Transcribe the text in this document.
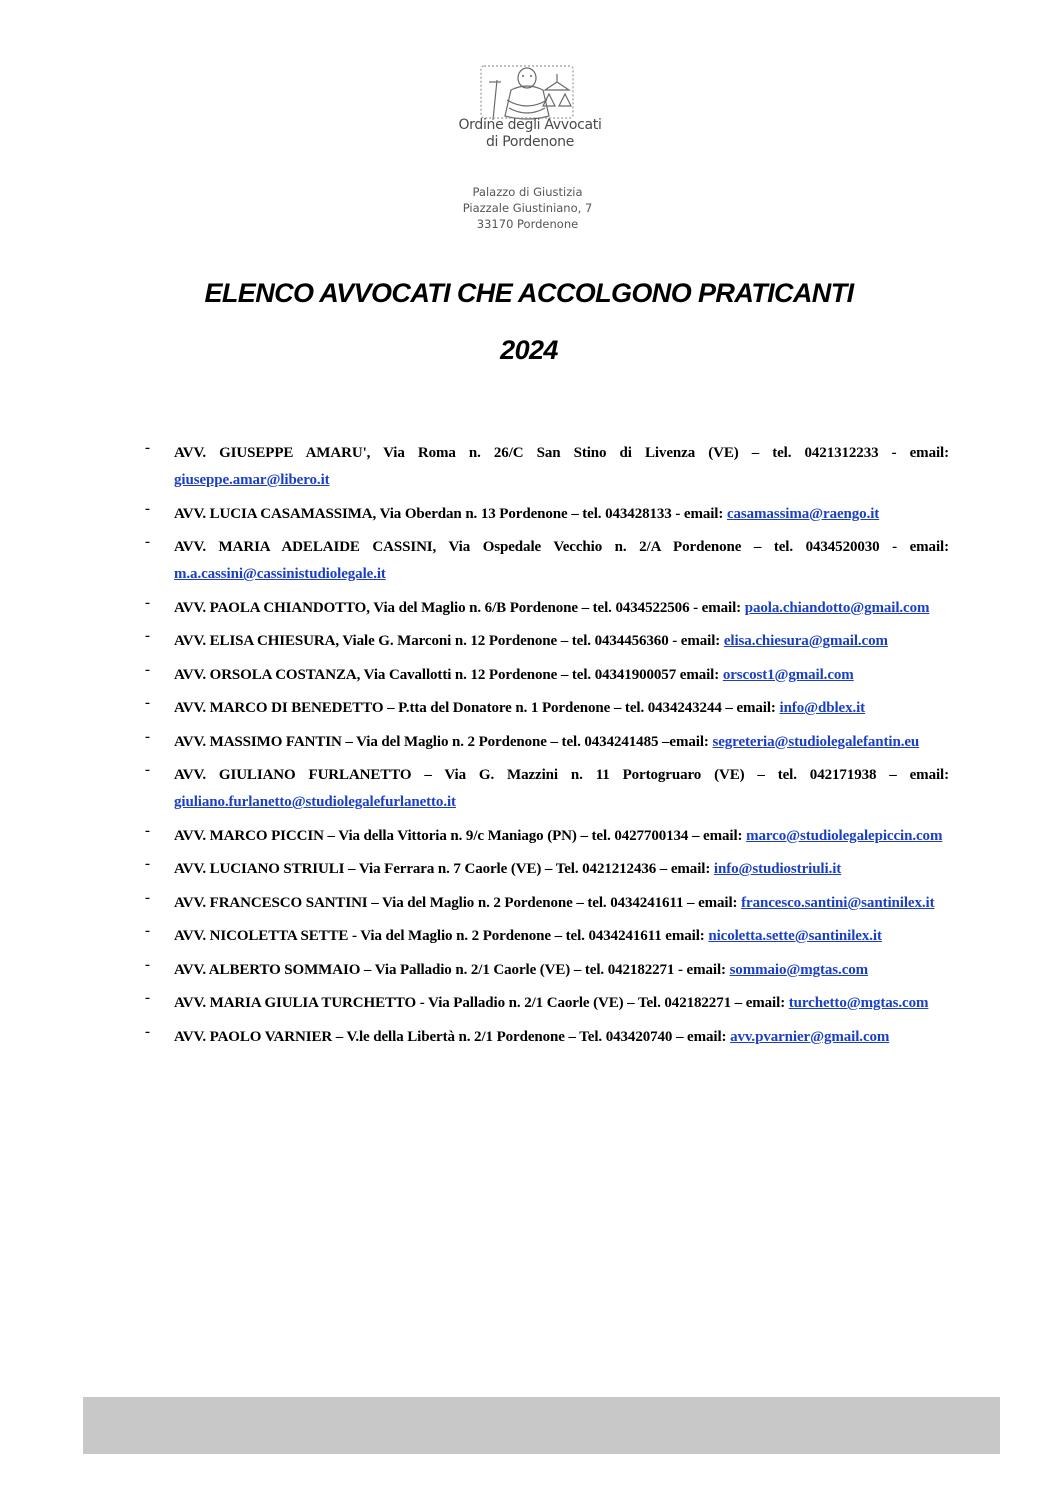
Ordine degli Avvocati
di Pordenone
Palazzo di Giustizia
Piazzale Giustiniano, 7
33170 Pordenone
ELENCO AVVOCATI CHE ACCOLGONO PRATICANTI
2024
- AVV. GIUSEPPE AMARU', Via Roma n. 26/C San Stino di Livenza (VE) – tel. 0421312233 - email: giuseppe.amar@libero.it
- AVV. LUCIA CASAMASSIMA, Via Oberdan n. 13 Pordenone – tel. 043428133 - email: casamassima@raengo.it
- AVV. MARIA ADELAIDE CASSINI, Via Ospedale Vecchio n. 2/A Pordenone – tel. 0434520030 - email: m.a.cassini@cassinistudiolegale.it
- AVV. PAOLA CHIANDOTTO, Via del Maglio n. 6/B Pordenone – tel. 0434522506 - email: paola.chiandotto@gmail.com
- AVV. ELISA CHIESURA, Viale G. Marconi n. 12 Pordenone – tel. 0434456360 - email: elisa.chiesura@gmail.com
- AVV. ORSOLA COSTANZA, Via Cavallotti n. 12 Pordenone – tel. 04341900057 email: orscost1@gmail.com
- AVV. MARCO DI BENEDETTO – P.tta del Donatore n. 1 Pordenone – tel. 0434243244 – email: info@dblex.it
- AVV. MASSIMO FANTIN – Via del Maglio n. 2 Pordenone – tel. 0434241485 –email: segreteria@studiolegalefantin.eu
- AVV. GIULIANO FURLANETTO – Via G. Mazzini n. 11 Portogruaro (VE) – tel. 042171938 – email: giuliano.furlanetto@studiolegalefurlanetto.it
- AVV. MARCO PICCIN – Via della Vittoria n. 9/c Maniago (PN) – tel. 0427700134 – email: marco@studiolegalepiccin.com
- AVV. LUCIANO STRIULI – Via Ferrara n. 7 Caorle (VE) – Tel. 0421212436 – email: info@studiostriuli.it
- AVV. FRANCESCO SANTINI – Via del Maglio n. 2 Pordenone – tel. 0434241611 – email: francesco.santini@santinilex.it
- AVV. NICOLETTA SETTE - Via del Maglio n. 2 Pordenone – tel. 0434241611 email: nicoletta.sette@santinilex.it
- AVV. ALBERTO SOMMAIO – Via Palladio n. 2/1 Caorle (VE) – tel. 042182271 - email: sommaio@mgtas.com
- AVV. MARIA GIULIA TURCHETTO - Via Palladio n. 2/1 Caorle (VE) – Tel. 042182271 – email: turchetto@mgtas.com
- AVV. PAOLO VARNIER – V.le della Libertà n. 2/1 Pordenone – Tel. 043420740 – email: avv.pvarnier@gmail.com
